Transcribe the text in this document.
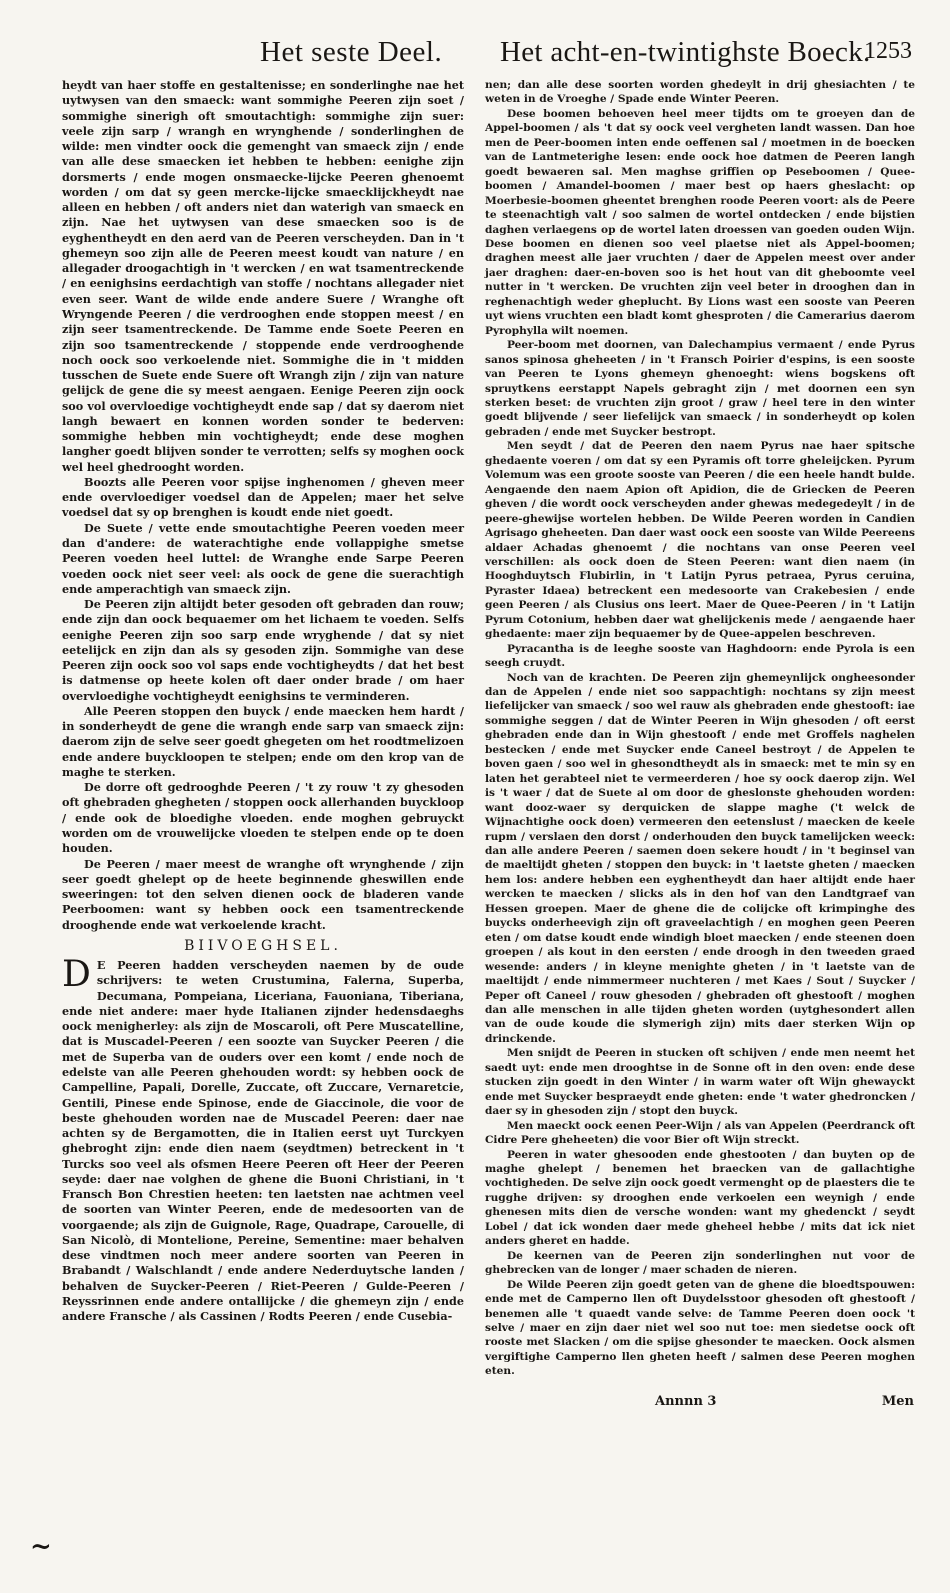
Het seste Deel. Het acht-en-twintighste Boeck.
1253

heydt van haer stoffe en gestaltenisse; en sonderlinghe nae het uytwysen van den smaeck: want sommighe Peeren zijn soet / sommighe sinerigh oft smoutachtigh: sommighe zijn suer: veele zijn sarp / wrangh en wrynghende / sonderlinghen de wilde: men vindter oock die gemenght van smaeck zijn / ende van alle dese smaecken iet hebben te hebben: eenighe zijn dorsmerts / ende mogen onsmaecke-lijcke Peeren ghenoemt worden / om dat sy geen mercke-lijcke smaecklijckheydt nae alleen en hebben / oft anders niet dan waterigh van smaeck en zijn. Nae het uytwysen van dese smaecken soo is de eyghentheydt en den aerd van de Peeren verscheyden. Dan in 't ghemeyn soo zijn alle de Peeren meest koudt van nature / en allegader droogachtigh in 't wercken / en wat tsamentreckende / en eenighsins eerdachtigh van stoffe / nochtans allegader niet even seer. Want de wilde ende andere Suere / Wranghe oft Wryngende Peeren / die verdrooghen ende stoppen meest / en zijn seer tsamentreckende. De Tamme ende Soete Peeren en zijn soo tsamentreckende / stoppende ende verdrooghende noch oock soo verkoelende niet. Sommighe die in 't midden tusschen de Suete ende Suere oft Wrangh zijn / zijn van nature gelijck de gene die sy meest aengaen. Eenige Peeren zijn oock soo vol overvloedige vochtigheydt ende sap / dat sy daerom niet langh bewaert en konnen worden sonder te bederven: sommighe hebben min vochtigheydt; ende dese moghen langher goedt blijven sonder te verrotten; selfs sy moghen oock wel heel ghedrooght worden.

Boozts alle Peeren voor spijse inghenomen / gheven meer ende overvloediger voedsel dan de Appelen; maer het selve voedsel dat sy op brenghen is koudt ende niet goedt.

De Suete / vette ende smoutachtighe Peeren voeden meer dan d'andere: de waterachtighe ende vollappighe smetse Peeren voeden heel luttel: de Wranghe ende Sarpe Peeren voeden oock niet seer veel: als oock de gene die suerachtigh ende amperachtigh van smaeck zijn.

De Peeren zijn altijdt beter gesoden oft gebraden dan rouw; ende zijn dan oock bequaemer om het lichaem te voeden. Selfs eenighe Peeren zijn soo sarp ende wryghende / dat sy niet eetelijck en zijn dan als sy gesoden zijn. Sommighe van dese Peeren zijn oock soo vol saps ende vochtigheydts / dat het best is datmense op heete kolen oft daer onder brade / om haer overvloedighe vochtigheydt eenighsins te verminderen.

Alle Peeren stoppen den buyck / ende maecken hem hardt / in sonderheydt de gene die wrangh ende sarp van smaeck zijn: daerom zijn de selve seer goedt ghegeten om het roodtmelizoen ende andere buyckloopen te stelpen; ende om den krop van de maghe te sterken.

De dorre oft gedrooghde Peeren / 't zy rouw 't zy ghesoden oft ghebraden ghegheten / stoppen oock allerhanden buyckloop / ende ook de bloedighe vloeden. ende moghen gebruyckt worden om de vrouwelijcke vloeden te stelpen ende op te doen houden.

De Peeren / maer meest de wranghe oft wrynghende / zijn seer goedt ghelept op de heete beginnende gheswillen ende sweeringen: tot den selven dienen oock de bladeren vande Peerboomen: want sy hebben oock een tsamentreckende drooghende ende wat verkoelende kracht.

BIIVOEGHSEL.

D E Peeren hadden verscheyden naemen by de oude schrijvers: te weten Crustumina, Falerna, Superba, Decumana, Pompeiana, Liceriana, Fauoniana, Tiberiana, ende niet andere: maer hyde Italianen zijnder hedensdaeghs oock menigherley: als zijn de Moscaroli, oft Pere Muscatelline, dat is Muscadel-Peeren / een soozte van Suycker Peeren / die met de Superba van de ouders over een komt / ende noch de edelste van alle Peeren ghehouden wordt: sy hebben oock de Campelline, Papali, Dorelle, Zuccate, oft Zuccare, Vernaretcie, Gentili, Pinese ende Spinose, ende de Giaccinole, die voor de beste ghehouden worden nae de Muscadel Peeren: daer nae achten sy de Bergamotten, die in Italien eerst uyt Turckyen ghebroght zijn: ende dien naem (seydtmen) betreckent in 't Turcks soo veel als ofsmen Heere Peeren oft Heer der Peeren seyde: daer nae volghen de ghene die Buoni Christiani, in 't Fransch Bon Chrestien heeten: ten laetsten nae achtmen veel de soorten van Winter Peeren, ende de medesoorten van de voorgaende; als zijn de Guignole, Rage, Quadrape, Carouelle, di San Nicolò, di Montelione, Pereine, Sementine: maer behalven dese vindtmen noch meer andere soorten van Peeren in Brabandt / Walschlandt / ende andere Nederduytsche landen / behalven de Suycker-Peeren / Riet-Peeren / Gulde-Peeren / Reyssrinnen ende andere ontallijcke / die ghemeyn zijn / ende andere Fransche / als Cassinen / Rodts Peeren / ende Cusebia-

nen; dan alle dese soorten worden ghedeylt in drij ghesiachten / te weten in de Vroeghe / Spade ende Winter Peeren.

Dese boomen behoeven heel meer tijdts om te groeyen dan de Appel-boomen / als 't dat sy oock veel vergheten landt wassen. Dan hoe men de Peer-boomen inten ende oeffenen sal / moetmen in de boecken van de Lantmeterighe lesen: ende oock hoe datmen de Peeren langh goedt bewaeren sal. Men maghse griffien op Peseboomen / Quee-boomen / Amandel-boomen / maer best op haers gheslacht: op Moerbesie-boomen gheentet brenghen roode Peeren voort: als de Peere te steenachtigh valt / soo salmen de wortel ontdecken / ende bijstien daghen verlaegens op de wortel laten droessen van goeden ouden Wijn. Dese boomen en dienen soo veel plaetse niet als Appel-boomen; draghen meest alle jaer vruchten / daer de Appelen meest over ander jaer draghen: daer-en-boven soo is het hout van dit gheboomte veel nutter in 't wercken. De vruchten zijn veel beter in drooghen dan in reghenachtigh weder gheplucht. By Lions wast een sooste van Peeren uyt wiens vruchten een bladt komt ghesproten / die Camerarius daerom Pyrophylla wilt noemen.

Peer-boom met doornen, van Dalechampius vermaent / ende Pyrus sanos spinosa gheheeten / in 't Fransch Poirier d'espins, is een sooste van Peeren te Lyons ghemeyn ghenoeght: wiens bogskens oft spruytkens eerstappt Napels gebraght zijn / met doornen een syn sterken beset: de vruchten zijn groot / graw / heel tere in den winter goedt blijvende / seer liefelijck van smaeck / in sonderheydt op kolen gebraden / ende met Suycker bestropt.

Men seydt / dat de Peeren den naem Pyrus nae haer spitsche ghedaente voeren / om dat sy een Pyramis oft torre gheleijcken. Pyrum Volemum was een groote sooste van Peeren / die een heele handt bulde. Aengaende den naem Apion oft Apidion, die de Griecken de Peeren gheven / die wordt oock verscheyden ander ghewas medegedeylt / in de peere-ghewijse wortelen hebben. De Wilde Peeren worden in Candien Agrisago gheheeten. Dan daer wast oock een sooste van Wilde Peereens aldaer Achadas ghenoemt / die nochtans van onse Peeren veel verschillen: als oock doen de Steen Peeren: want dien naem (in Hooghduytsch Flubirlin, in 't Latijn Pyrus petraea, Pyrus ceruina, Pyraster Idaea) betreckent een medesoorte van Crakebesien / ende geen Peeren / als Clusius ons leert. Maer de Quee-Peeren / in 't Latijn Pyrum Cotonium, hebben daer wat ghelijckenis mede / aengaende haer ghedaente: maer zijn bequaemer by de Quee-appelen beschreven.

Pyracantha is de leeghe sooste van Haghdoorn: ende Pyrola is een seegh cruydt.

Noch van de krachten. De Peeren zijn ghemeynlijck ongheesonder dan de Appelen / ende niet soo sappachtigh: nochtans sy zijn meest liefelijcker van smaeck / soo wel rauw als ghebraden ende ghestooft: iae sommighe seggen / dat de Winter Peeren in Wijn ghesoden / oft eerst ghebraden ende dan in Wijn ghestooft / ende met Groffels naghelen bestecken / ende met Suycker ende Caneel bestroyt / de Appelen te boven gaen / soo wel in ghesondtheydt als in smaeck: met te min sy en laten het gerabteel niet te vermeerderen / hoe sy oock daerop zijn. Wel is 't waer / dat de Suete al om door de gheslonste ghehouden worden: want dooz-waer sy derquicken de slappe maghe ('t welck de Wijnachtighe oock doen) vermeeren den eetenslust / maecken de keele rupm / verslaen den dorst / onderhouden den buyck tamelijcken weeck: dan alle andere Peeren / saemen doen sekere houdt / in 't beginsel van de maeltijdt gheten / stoppen den buyck: in 't laetste gheten / maecken hem los: andere hebben een eyghentheydt dan haer altijdt ende haer wercken te maecken / slicks als in den hof van den Landtgraef van Hessen groepen. Maer de ghene die de colijcke oft krimpinghe des buycks onderheevigh zijn oft graveelachtigh / en moghen geen Peeren eten / om datse koudt ende windigh bloet maecken / ende steenen doen groepen / als kout in den eersten / ende droogh in den tweeden graed wesende: anders / in kleyne menighte gheten / in 't laetste van de maeltijdt / ende nimmermeer nuchteren / met Kaes / Sout / Suycker / Peper oft Caneel / rouw ghesoden / ghebraden oft ghestooft / moghen dan alle menschen in alle tijden gheten worden (uytghesondert allen van de oude koude die slymerigh zijn) mits daer sterken Wijn op drinckende.

Men snijdt de Peeren in stucken oft schijven / ende men neemt het saedt uyt: ende men drooghtse in de Sonne oft in den oven: ende dese stucken zijn goedt in den Winter / in warm water oft Wijn ghewayckt ende met Suycker bespraeydt ende gheten: ende 't water ghedroncken / daer sy in ghesoden zijn / stopt den buyck.

Men maeckt oock eenen Peer-Wijn / als van Appelen (Peerdranck oft Cidre Pere gheheeten) die voor Bier oft Wijn streckt.

Peeren in water ghesooden ende ghestooten / dan buyten op de maghe ghelept / benemen het braecken van de gallachtighe vochtigheden. De selve zijn oock goedt vermenght op de plaesters die te rugghe drijven: sy drooghen ende verkoelen een weynigh / ende ghenesen mits dien de versche wonden: want my ghedenckt / seydt Lobel / dat ick wonden daer mede gheheel hebbe / mits dat ick niet anders gheret en hadde.

De keernen van de Peeren zijn sonderlinghen nut voor de ghebrecken van de longer / maer schaden de nieren.

De Wilde Peeren zijn goedt geten van de ghene die bloedtspouwen: ende met de Camperno llen oft Duydelsstoor ghesoden oft ghestooft / benemen alle 't quaedt vande selve: de Tamme Peeren doen oock 't selve / maer en zijn daer niet wel soo nut toe: men siedetse oock oft rooste met Slacken / om die spijse ghesonder te maecken. Oock alsmen vergiftighe Camperno llen gheten heeft / salmen dese Peeren moghen eten.

Annnn 3	Men
~
